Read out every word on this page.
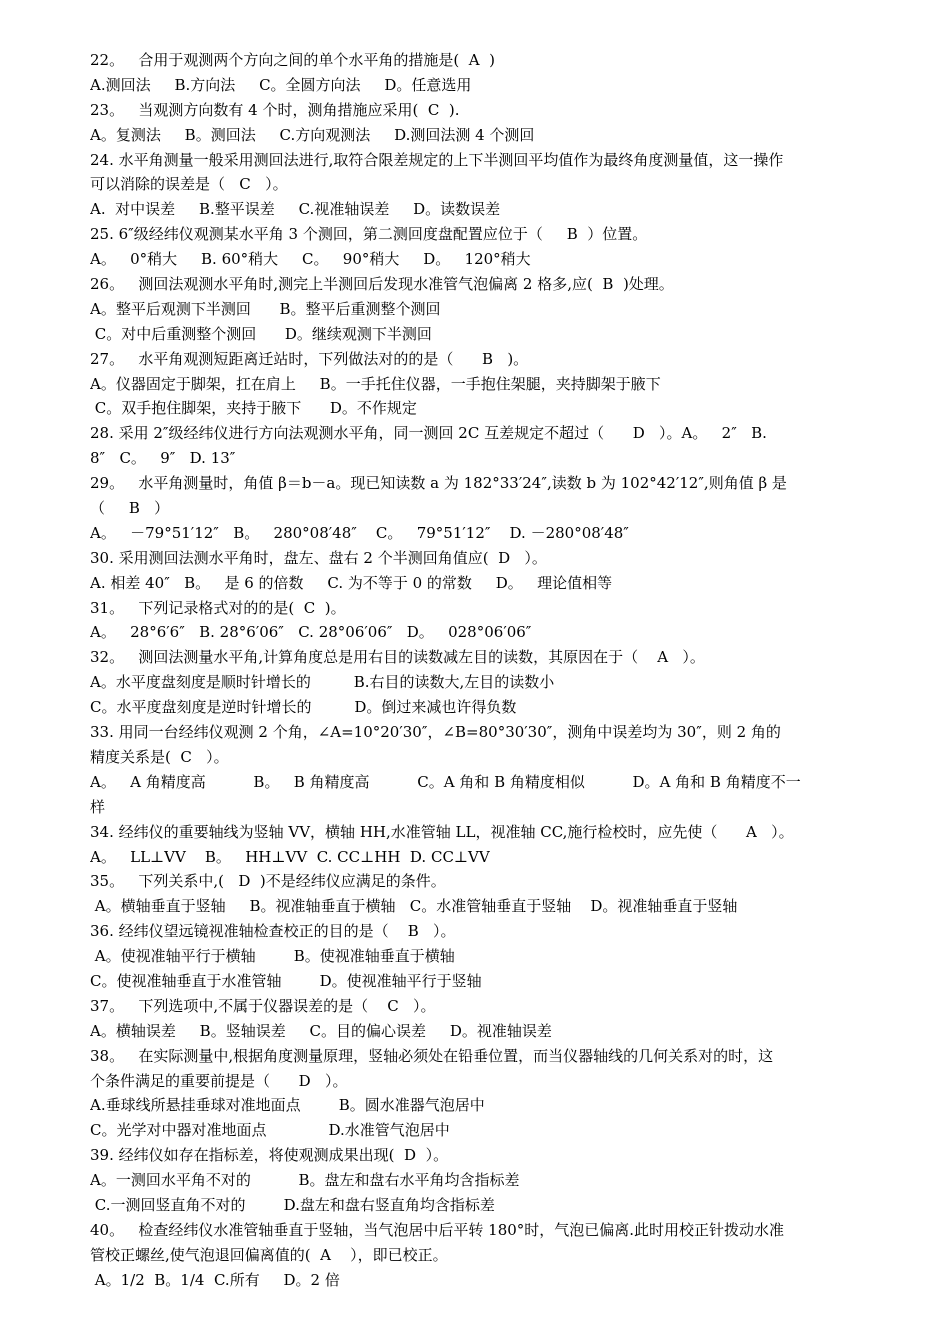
22。   合用于观测两个方向之间的单个水平角的措施是(  A  )
A.测回法     B.方向法     C。全圆方向法     D。任意选用
23。   当观测方向数有 4 个时，测角措施应采用(  C  ).
A。复测法     B。测回法     C.方向观测法     D.测回法测 4 个测回
24. 水平角测量一般采用测回法进行,取符合限差规定的上下半测回平均值作为最终角度测量值，这一操作
可以消除的误差是（   C   ）。
A.  对中误差     B.整平误差     C.视准轴误差     D。读数误差
25. 6″级经纬仪观测某水平角 3 个测回，第二测回度盘配置应位于（     B  ）位置。
A。   0°稍大     B. 60°稍大     C。   90°稍大     D。   120°稍大
26。   测回法观测水平角时,测完上半测回后发现水准管气泡偏离 2 格多,应(  B  )处理。
A。整平后观测下半测回      B。整平后重测整个测回
C。对中后重测整个测回      D。继续观测下半测回
27。   水平角观测短距离迁站时，下列做法对的的是（      B   )。
A。仪器固定于脚架，扛在肩上     B。一手托住仪器，一手抱住架腿，夹持脚架于腋下
C。双手抱住脚架，夹持于腋下      D。不作规定
28. 采用 2″级经纬仪进行方向法观测水平角，同一测回 2C 互差规定不超过（      D   ）。A。   2″   B.
8″   C。   9″   D. 13″
29。   水平角测量时，角值 β＝b－a。现已知读数 a 为 182°33′24″,读数 b 为 102°42′12″,则角值 β 是
（     B   ）
A。   －79°51′12″   B。   280°08′48″    C。   79°51′12″    D. －280°08′48″
30. 采用测回法测水平角时，盘左、盘右 2 个半测回角值应(  D   ）。
A. 相差 40″   B。   是 6 的倍数     C. 为不等于 0 的常数     D。   理论值相等
31。   下列记录格式对的的是(  C  )。
A。   28°6′6″   B. 28°6′06″   C. 28°06′06″   D。   028°06′06″
32。   测回法测量水平角,计算角度总是用右目的读数减左目的读数，其原因在于（    A   ）。
A。水平度盘刻度是顺时针增长的         B.右目的读数大,左目的读数小
C。水平度盘刻度是逆时针增长的         D。倒过来减也许得负数
33. 用同一台经纬仪观测 2 个角，∠A=10°20′30″，∠B=80°30′30″，测角中误差均为 30″，则 2 角的
精度关系是(  C   ）。
A。   A 角精度高          B。   B 角精度高          C。A 角和 B 角精度相似          D。A 角和 B 角精度不一
样
34. 经纬仪的重要轴线为竖轴 VV，横轴 HH,水准管轴 LL，视准轴 CC,施行检校时，应先使（      A   ）。
A。   LL⊥VV    B。   HH⊥VV  C. CC⊥HH  D. CC⊥VV
35。   下列关系中,(   D  )不是经纬仪应满足的条件。
A。横轴垂直于竖轴     B。视准轴垂直于横轴   C。水准管轴垂直于竖轴    D。视准轴垂直于竖轴
36. 经纬仪望远镜视准轴检查校正的目的是（    B   ）。
A。使视准轴平行于横轴        B。使视准轴垂直于横轴
C。使视准轴垂直于水准管轴        D。使视准轴平行于竖轴
37。   下列选项中,不属于仪器误差的是（    C   ）。
A。横轴误差     B。竖轴误差     C。目的偏心误差     D。视准轴误差
38。   在实际测量中,根据角度测量原理，竖轴必须处在铅垂位置，而当仪器轴线的几何关系对的时，这
个条件满足的重要前提是（      D   ）。
A.垂球线所悬挂垂球对准地面点        B。圆水准器气泡居中
C。光学对中器对准地面点             D.水准管气泡居中
39. 经纬仪如存在指标差，将使观测成果出现(  D  ）。
A。一测回水平角不对的          B。盘左和盘右水平角均含指标差
C.一测回竖直角不对的        D.盘左和盘右竖直角均含指标差
40。   检查经纬仪水准管轴垂直于竖轴，当气泡居中后平转 180°时，气泡已偏离.此时用校正针拨动水准
管校正螺丝,使气泡退回偏离值的(  A    ），即已校正。
A。1/2  B。1/4  C.所有     D。2 倍
